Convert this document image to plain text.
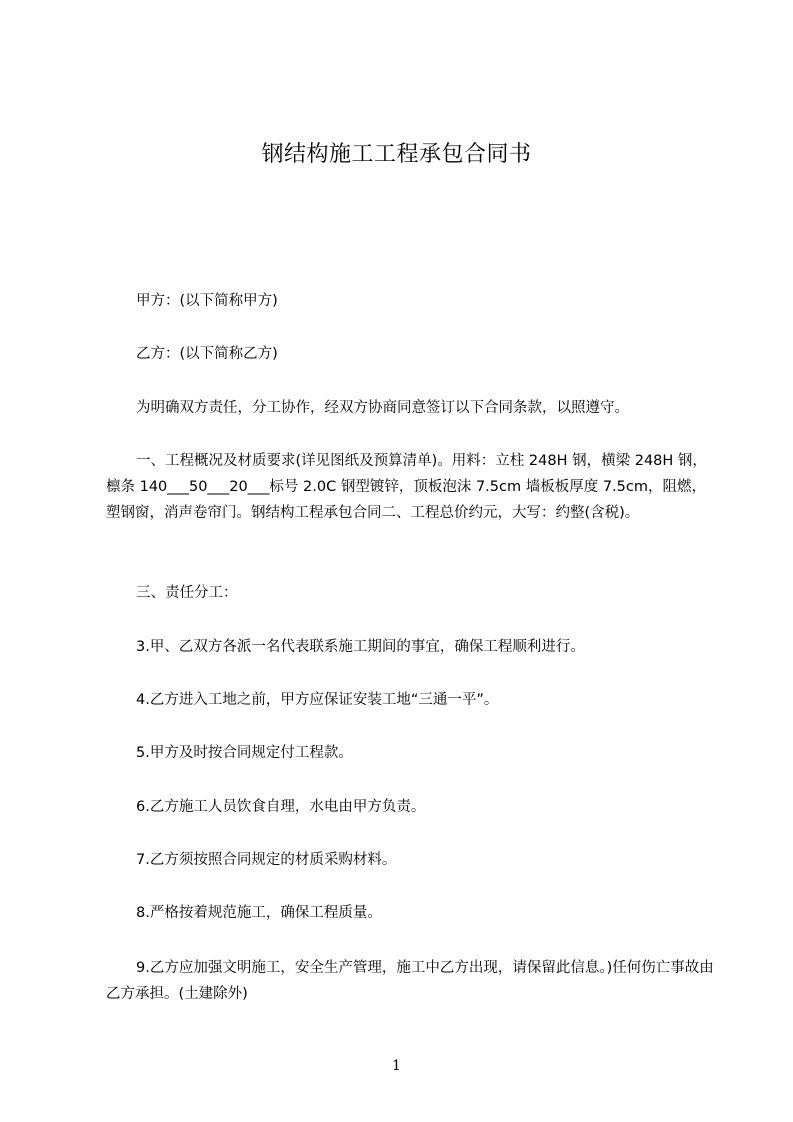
钢结构施工工程承包合同书

甲方：(以下简称甲方)

乙方：(以下简称乙方)

为明确双方责任，分工协作，经双方协商同意签订以下合同条款，以照遵守。

一、工程概况及材质要求(详见图纸及预算清单)。用料：立柱 248H 钢，横梁 248H 钢，檩条 140___50___20___标号 2.0C 钢型镀锌，顶板泡沫 7.5cm 墙板板厚度 7.5cm，阻燃，塑钢窗，消声卷帘门。钢结构工程承包合同二、工程总价约元，大写：约整(含税)。

三、责任分工：

3.甲、乙双方各派一名代表联系施工期间的事宜，确保工程顺利进行。

4.乙方进入工地之前，甲方应保证安装工地“三通一平”。

5.甲方及时按合同规定付工程款。

6.乙方施工人员饮食自理，水电由甲方负责。

7.乙方须按照合同规定的材质采购材料。

8.严格按着规范施工，确保工程质量。

9.乙方应加强文明施工，安全生产管理，施工中乙方出现，请保留此信息。)任何伤亡事故由乙方承担。(土建除外)

1
